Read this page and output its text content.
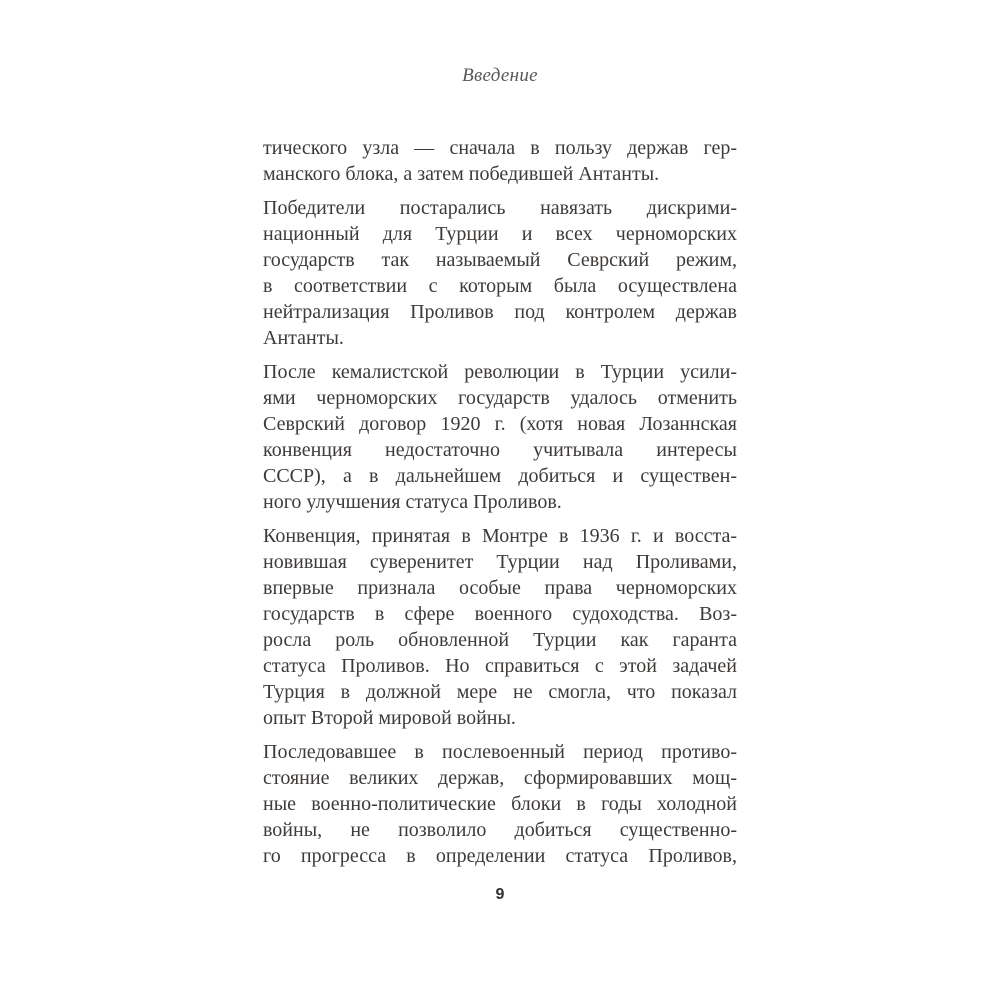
Введение

тического узла — сначала в пользу держав гер-
манского блока, а затем победившей Антанты.

Победители постарались навязать дискрими-
национный для Турции и всех черноморских
государств так называемый Севрский режим,
в соответствии с которым была осуществлена
нейтрализация Проливов под контролем держав
Антанты.

После кемалистской революции в Турции усили-
ями черноморских государств удалось отменить
Севрский договор 1920 г. (хотя новая Лозаннская
конвенция недостаточно учитывала интересы
СССР), а в дальнейшем добиться и существен-
ного улучшения статуса Проливов.

Конвенция, принятая в Монтре в 1936 г. и восста-
новившая суверенитет Турции над Проливами,
впервые признала особые права черноморских
государств в сфере военного судоходства. Воз-
росла роль обновленной Турции как гаранта
статуса Проливов. Но справиться с этой задачей
Турция в должной мере не смогла, что показал
опыт Второй мировой войны.

Последовавшее в послевоенный период противо-
стояние великих держав, сформировавших мощ-
ные военно-политические блоки в годы холодной
войны, не позволило добиться существенно-
го прогресса в определении статуса Проливов,

9
